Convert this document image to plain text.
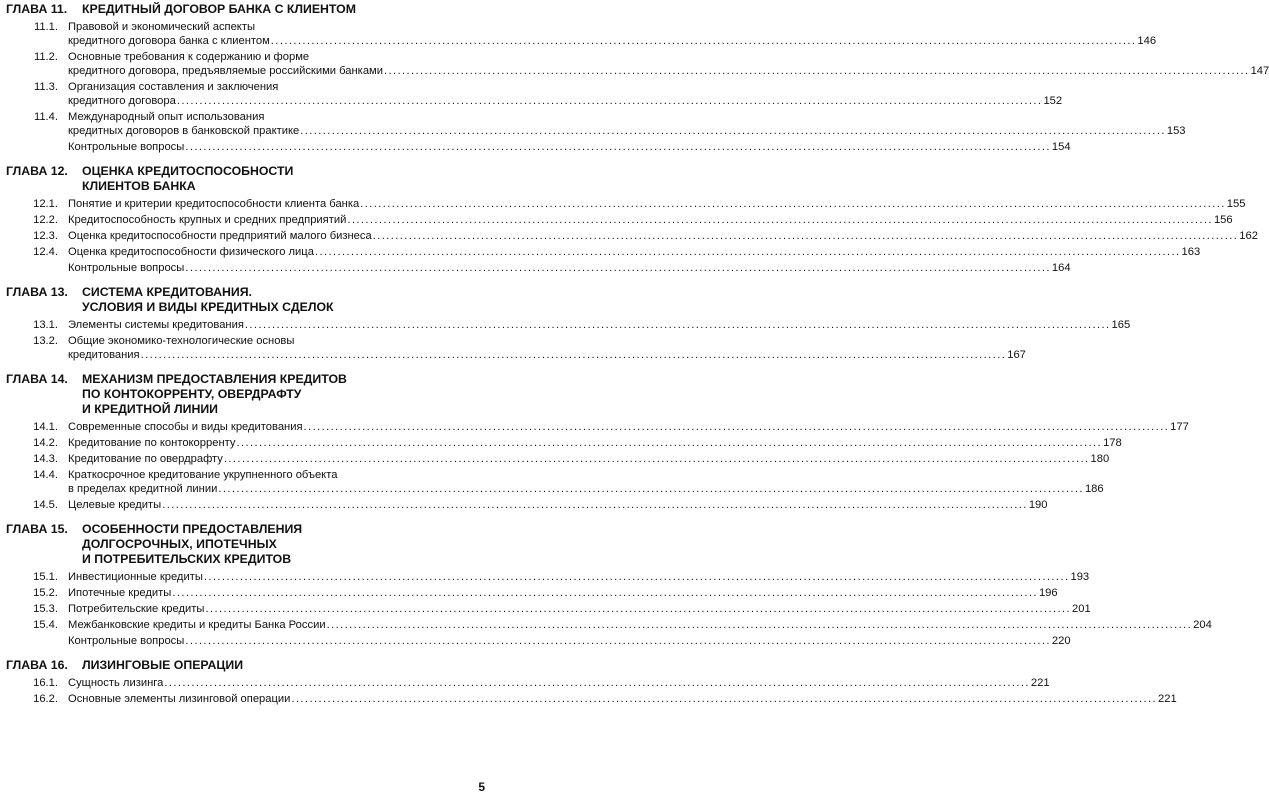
ГЛАВА 11.	КРЕДИТНЫЙ ДОГОВОР БАНКА С КЛИЕНТОМ
11.1. Правовой и экономический аспекты
кредитного договора банка с клиентом .....	146
11.2. Основные требования к содержанию и форме
кредитного договора, предъявляемые российскими банками .....	147
11.3. Организация составления и заключения
кредитного договора .....	152
11.4. Международный опыт использования
кредитных договоров в банковской практике .....	153
Контрольные вопросы .....	154
ГЛАВА 12.	ОЦЕНКА КРЕДИТОСПОСОБНОСТИ
КЛИЕНТОВ БАНКА
12.1. Понятие и критерии кредитоспособности клиента банка .....	155
12.2. Кредитоспособность крупных и средних предприятий .....	156
12.3. Оценка кредитоспособности предприятий малого бизнеса .....	162
12.4. Оценка кредитоспособности физического лица .....	163
Контрольные вопросы .....	164
ГЛАВА 13.	СИСТЕМА КРЕДИТОВАНИЯ.
УСЛОВИЯ И ВИДЫ КРЕДИТНЫХ СДЕЛОК
13.1. Элементы системы кредитования .....	165
13.2. Общие экономико-технологические основы
кредитования .....	167
ГЛАВА 14.	МЕХАНИЗМ ПРЕДОСТАВЛЕНИЯ КРЕДИТОВ
ПО КОНТОКОРРЕНТУ, ОВЕРДРАФТУ
И КРЕДИТНОЙ ЛИНИИ
14.1. Современные способы и виды кредитования .....	177
14.2. Кредитование по контокорренту .....	178
14.3. Кредитование по овердрафту .....	180
14.4. Краткосрочное кредитование укрупненного объекта
в пределах кредитной линии .....	186
14.5. Целевые кредиты .....	190
ГЛАВА 15.	ОСОБЕННОСТИ ПРЕДОСТАВЛЕНИЯ
ДОЛГОСРОЧНЫХ, ИПОТЕЧНЫХ
И ПОТРЕБИТЕЛЬСКИХ КРЕДИТОВ
15.1. Инвестиционные кредиты .....	193
15.2. Ипотечные кредиты .....	196
15.3. Потребительские кредиты .....	201
15.4. Межбанковские кредиты и кредиты Банка России .....	204
Контрольные вопросы .....	220
ГЛАВА 16.	ЛИЗИНГОВЫЕ ОПЕРАЦИИ
16.1. Сущность лизинга .....	221
16.2. Основные элементы лизинговой операции .....	221
5
